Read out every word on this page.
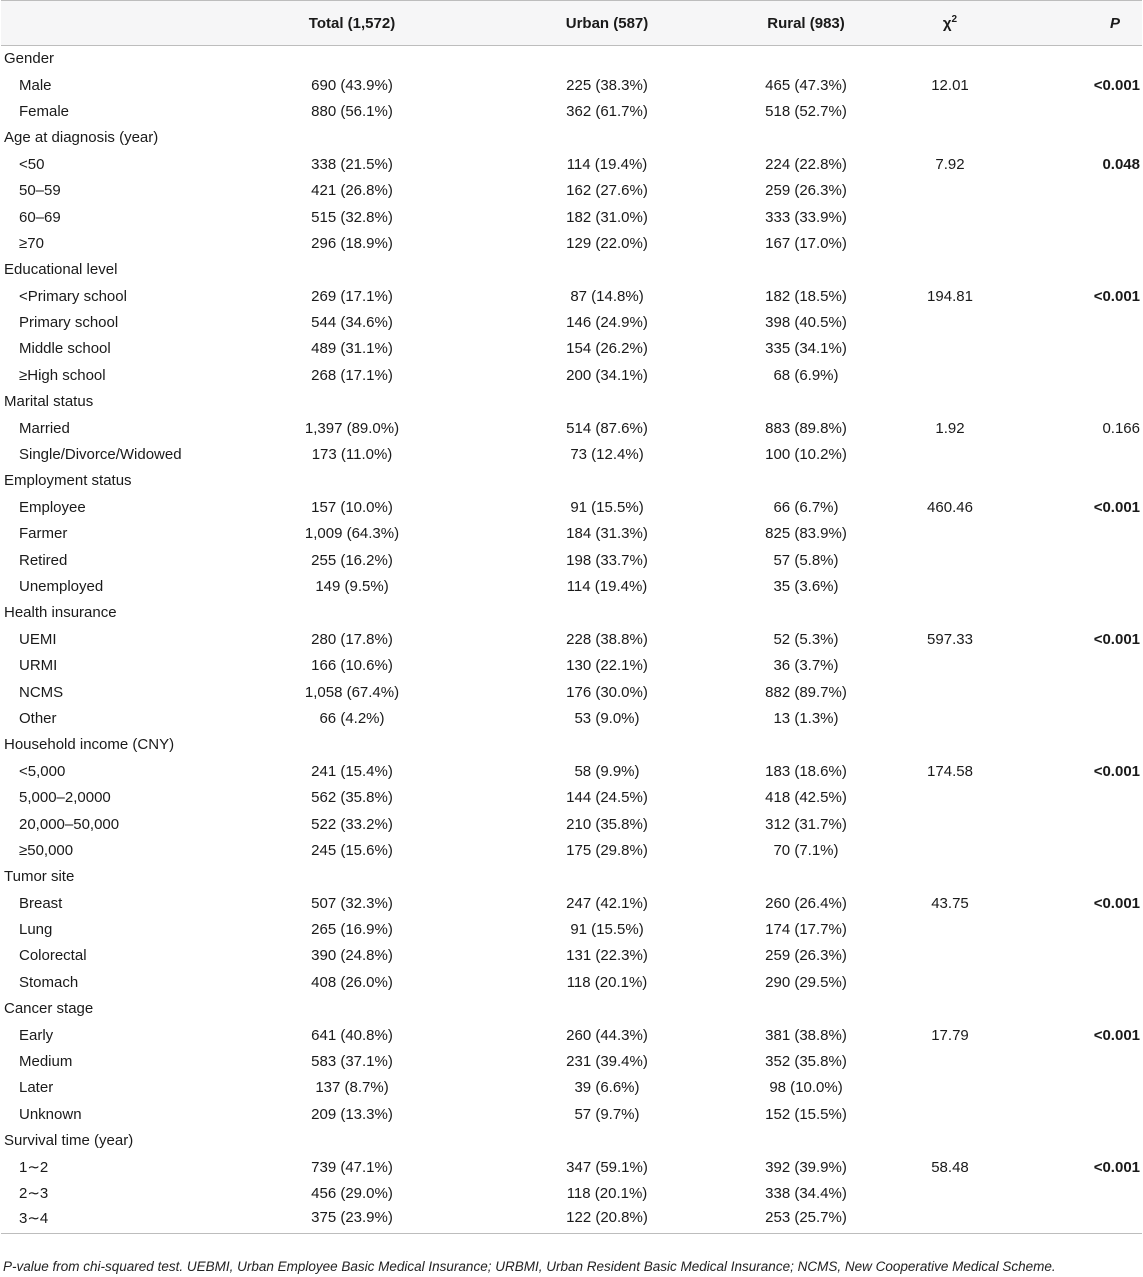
	Total (1,572)	Urban (587)	Rural (983)	$\chi^2$	P
Gender					
Male	690 (43.9%)	225 (38.3%)	465 (47.3%)	12.01	<0.001
Female	880 (56.1%)	362 (61.7%)	518 (52.7%)		
Age at diagnosis (year)					
<50	338 (21.5%)	114 (19.4%)	224 (22.8%)	7.92	0.048
50–59	421 (26.8%)	162 (27.6%)	259 (26.3%)		
60–69	515 (32.8%)	182 (31.0%)	333 (33.9%)		
≥70	296 (18.9%)	129 (22.0%)	167 (17.0%)		
Educational level					
<Primary school	269 (17.1%)	87 (14.8%)	182 (18.5%)	194.81	<0.001
Primary school	544 (34.6%)	146 (24.9%)	398 (40.5%)		
Middle school	489 (31.1%)	154 (26.2%)	335 (34.1%)		
≥High school	268 (17.1%)	200 (34.1%)	68 (6.9%)		
Marital status					
Married	1,397 (89.0%)	514 (87.6%)	883 (89.8%)	1.92	0.166
Single/Divorce/Widowed	173 (11.0%)	73 (12.4%)	100 (10.2%)		
Employment status					
Employee	157 (10.0%)	91 (15.5%)	66 (6.7%)	460.46	<0.001
Farmer	1,009 (64.3%)	184 (31.3%)	825 (83.9%)		
Retired	255 (16.2%)	198 (33.7%)	57 (5.8%)		
Unemployed	149 (9.5%)	114 (19.4%)	35 (3.6%)		
Health insurance					
UEMI	280 (17.8%)	228 (38.8%)	52 (5.3%)	597.33	<0.001
URMI	166 (10.6%)	130 (22.1%)	36 (3.7%)		
NCMS	1,058 (67.4%)	176 (30.0%)	882 (89.7%)		
Other	66 (4.2%)	53 (9.0%)	13 (1.3%)		
Household income (CNY)					
<5,000	241 (15.4%)	58 (9.9%)	183 (18.6%)	174.58	<0.001
5,000–2,0000	562 (35.8%)	144 (24.5%)	418 (42.5%)		
20,000–50,000	522 (33.2%)	210 (35.8%)	312 (31.7%)		
≥50,000	245 (15.6%)	175 (29.8%)	70 (7.1%)		
Tumor site					
Breast	507 (32.3%)	247 (42.1%)	260 (26.4%)	43.75	<0.001
Lung	265 (16.9%)	91 (15.5%)	174 (17.7%)		
Colorectal	390 (24.8%)	131 (22.3%)	259 (26.3%)		
Stomach	408 (26.0%)	118 (20.1%)	290 (29.5%)		
Cancer stage					
Early	641 (40.8%)	260 (44.3%)	381 (38.8%)	17.79	<0.001
Medium	583 (37.1%)	231 (39.4%)	352 (35.8%)		
Later	137 (8.7%)	39 (6.6%)	98 (10.0%)		
Unknown	209 (13.3%)	57 (9.7%)	152 (15.5%)		
Survival time (year)					
1∼2	739 (47.1%)	347 (59.1%)	392 (39.9%)	58.48	<0.001
2∼3	456 (29.0%)	118 (20.1%)	338 (34.4%)		
3∼4	375 (23.9%)	122 (20.8%)	253 (25.7%)		
P-value from chi-squared test. UEBMI, Urban Employee Basic Medical Insurance; URBMI, Urban Resident Basic Medical Insurance; NCMS, New Cooperative Medical Scheme.
